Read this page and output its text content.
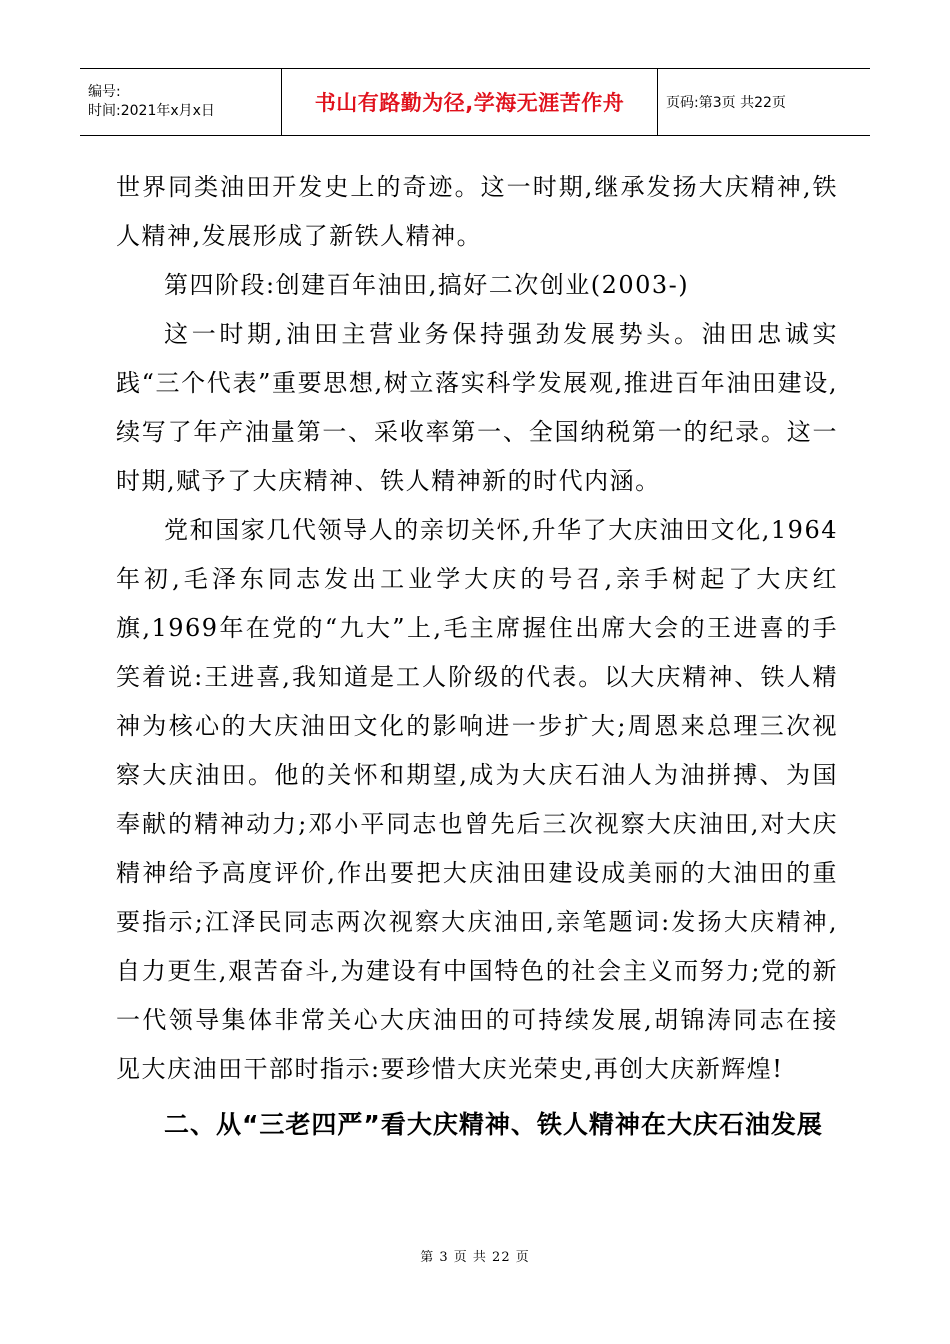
编号:
时间:2021年x月x日	书山有路勤为径,学海无涯苦作舟	页码:第3页 共22页

世界同类油田开发史上的奇迹。这一时期,继承发扬大庆精神,铁人精神,发展形成了新铁人精神。

第四阶段:创建百年油田,搞好二次创业(2003-)

这一时期,油田主营业务保持强劲发展势头。油田忠诚实践“三个代表”重要思想,树立落实科学发展观,推进百年油田建设,续写了年产油量第一、采收率第一、全国纳税第一的纪录。这一时期,赋予了大庆精神、铁人精神新的时代内涵。

党和国家几代领导人的亲切关怀,升华了大庆油田文化,1964年初,毛泽东同志发出工业学大庆的号召,亲手树起了大庆红旗,1969年在党的“九大”上,毛主席握住出席大会的王进喜的手笑着说:王进喜,我知道是工人阶级的代表。以大庆精神、铁人精神为核心的大庆油田文化的影响进一步扩大;周恩来总理三次视察大庆油田。他的关怀和期望,成为大庆石油人为油拼搏、为国奉献的精神动力;邓小平同志也曾先后三次视察大庆油田,对大庆精神给予高度评价,作出要把大庆油田建设成美丽的大油田的重要指示;江泽民同志两次视察大庆油田,亲笔题词:发扬大庆精神,自力更生,艰苦奋斗,为建设有中国特色的社会主义而努力;党的新一代领导集体非常关心大庆油田的可持续发展,胡锦涛同志在接见大庆油田干部时指示:要珍惜大庆光荣史,再创大庆新辉煌!

二、从“三老四严”看大庆精神、铁人精神在大庆石油发展
第 3 页 共 22 页
